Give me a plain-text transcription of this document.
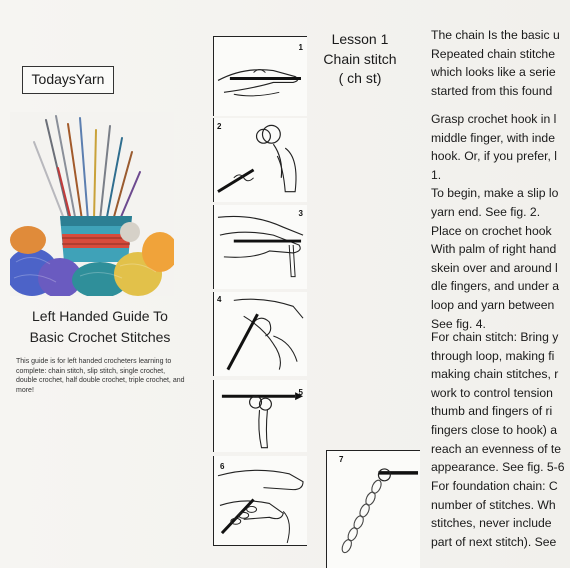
TodaysYarn
Left Handed Guide To
Basic Crochet Stitches
This guide is for left handed crocheters learning to complete: chain stitch, slip stitch, single crochet, double crochet, half double crochet, triple crochet, and more!
1
2
3
4
5
6
7
Lesson 1
Chain stitch
( ch st)
The chain Is the basic u
Repeated chain stitche
which looks like a serie
started from this found
Grasp crochet hook in l
middle finger, with inde
hook. Or, if you prefer, l
1.
To begin, make a slip lo
yarn end. See fig. 2.
Place on crochet hook
With palm of right hand
skein over and around l
dle fingers, and under a
loop and yarn between
See fig. 4.
For chain stitch: Bring y
through loop, making fi
making chain stitches, r
work to control tension
thumb and fingers of ri
fingers close to hook) a
reach an evenness of te
appearance. See fig. 5-6
For foundation chain: C
number of stitches. Wh
stitches, never include
part of next stitch). See
